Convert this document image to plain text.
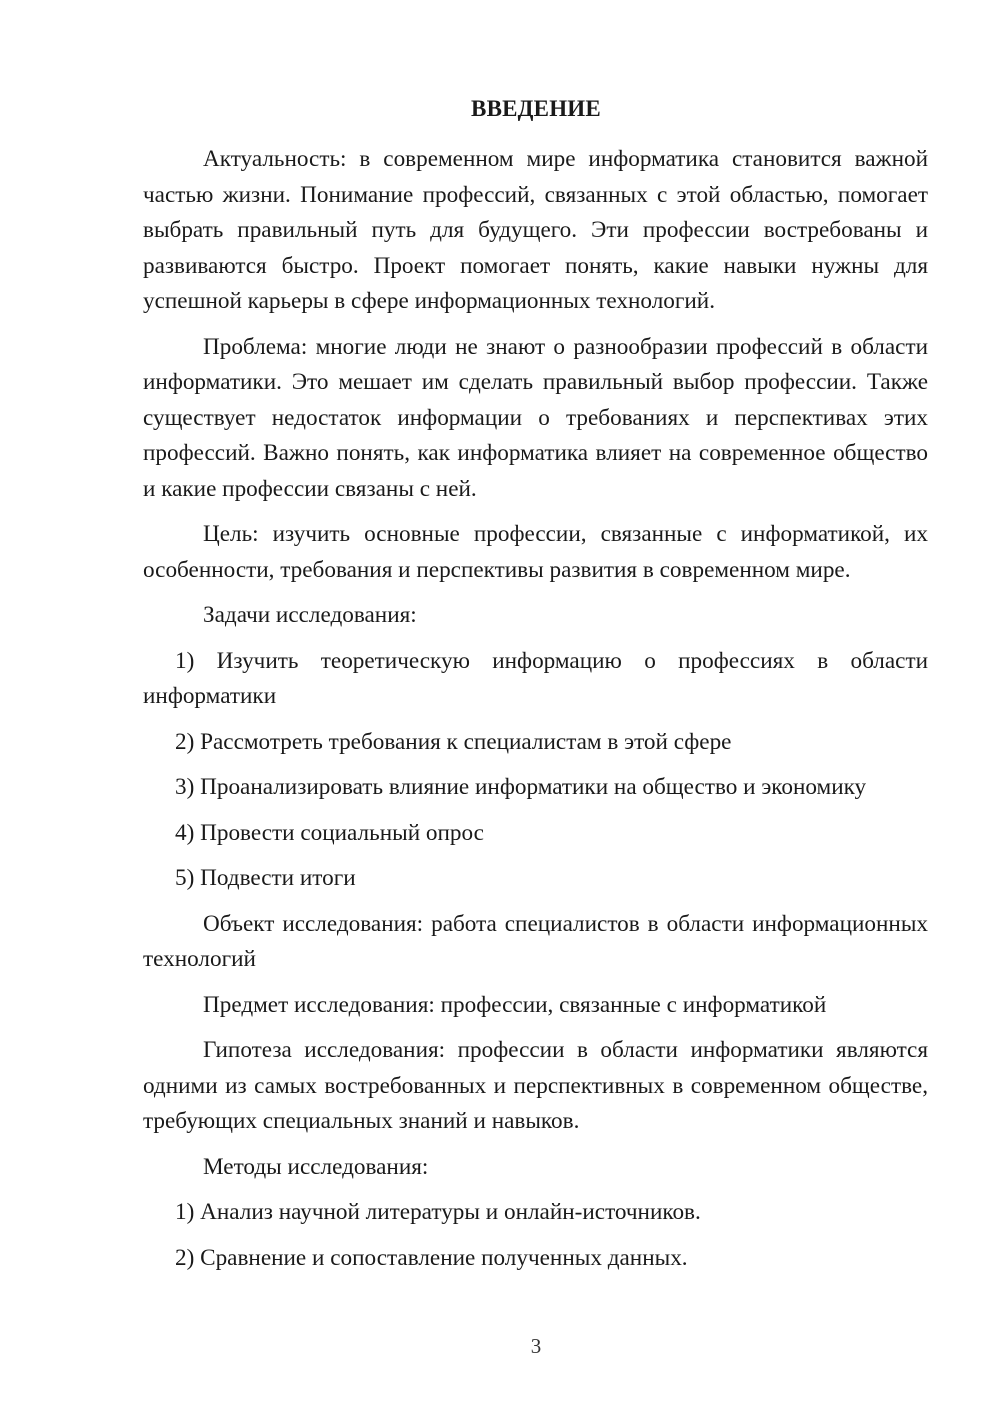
ВВЕДЕНИЕ

Актуальность: в современном мире информатика становится важной частью жизни. Понимание профессий, связанных с этой областью, помогает выбрать правильный путь для будущего. Эти профессии востребованы и развиваются быстро. Проект помогает понять, какие навыки нужны для успешной карьеры в сфере информационных технологий.

Проблема: многие люди не знают о разнообразии профессий в области информатики. Это мешает им сделать правильный выбор профессии. Также существует недостаток информации о требованиях и перспективах этих профессий. Важно понять, как информатика влияет на современное общество и какие профессии связаны с ней.

Цель: изучить основные профессии, связанные с информатикой, их особенности, требования и перспективы развития в современном мире.

Задачи исследования:

1) Изучить теоретическую информацию о профессиях в области информатики

2) Рассмотреть требования к специалистам в этой сфере

3) Проанализировать влияние информатики на общество и экономику

4) Провести социальный опрос

5) Подвести итоги

Объект исследования: работа специалистов в области информационных технологий

Предмет исследования: профессии, связанные с информатикой

Гипотеза исследования: профессии в области информатики являются одними из самых востребованных и перспективных в современном обществе, требующих специальных знаний и навыков.

Методы исследования:

1) Анализ научной литературы и онлайн-источников.

2) Сравнение и сопоставление полученных данных.

3
